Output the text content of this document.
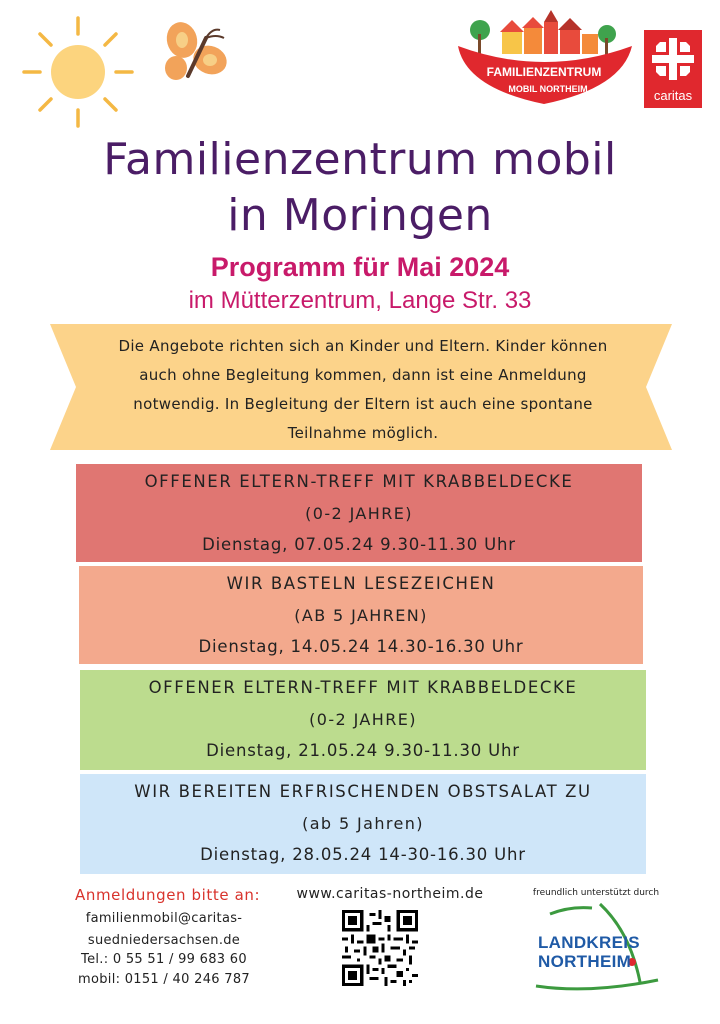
FAMILIENZENTRUM
MOBIL NORTHEIM	caritas
Familienzentrum mobil
in Moringen
Programm für Mai 2024
im Mütterzentrum, Lange Str. 33
Die Angebote richten sich an Kinder und Eltern. Kinder können auch ohne Begleitung kommen, dann ist eine Anmeldung notwendig. In Begleitung der Eltern ist auch eine spontane Teilnahme möglich.
OFFENER ELTERN-TREFF MIT KRABBELDECKE
(0-2 JAHRE)
Dienstag, 07.05.24 9.30-11.30 Uhr
WIR BASTELN LESEZEICHEN
(AB 5 JAHREN)
Dienstag, 14.05.24 14.30-16.30 Uhr
OFFENER ELTERN-TREFF MIT KRABBELDECKE
(0-2 JAHRE)
Dienstag, 21.05.24 9.30-11.30 Uhr
WIR BEREITEN ERFRISCHENDEN OBSTSALAT ZU
(ab 5 Jahren)
Dienstag, 28.05.24 14-30-16.30 Uhr
Anmeldungen bitte an:
familienmobil@caritas-
suedniedersachsen.de
Tel.: 0 55 51 / 99 683 60
mobil: 0151 / 40 246 787
www.caritas-northeim.de	freundlich unterstützt durch
LANDKREIS
NORTHEIM
